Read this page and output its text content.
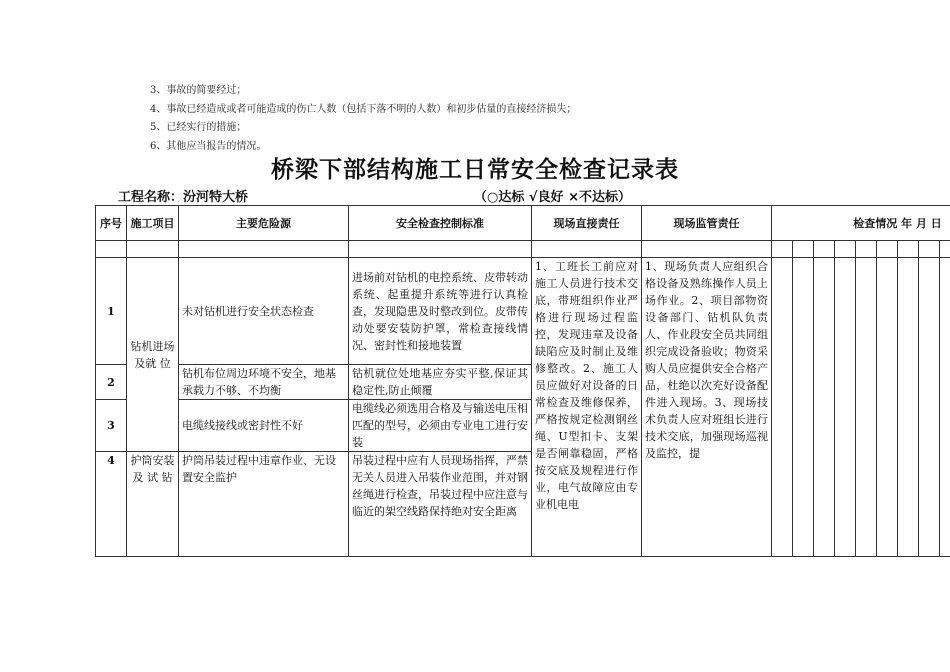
3、事故的简要经过；
4、事故已经造成或者可能造成的伤亡人数（包括下落不明的人数）和初步估量的直接经济损失；
5、已经实行的措施；
6、其他应当报告的情况。
桥梁下部结构施工日常安全检查记录表
工程名称：汾河特大桥	（○达标 √良好 ×不达标）
序号	施工项目	主要危险源	安全检查控制标准	现场直接责任	现场监管责任	检查情况 年 月 日											

1	钻机进场 及就 位	未对钻机进行安全状态检查	进场前对钻机的电控系统、皮带转动系统、起重提升系统等进行认真检查，发现隐患及时整改到位。皮带传动处要安装防护罩，常检查接线情况、密封性和接地装置	1、工班长工前应对施工人员进行技术交底，带班组织作业严格进行现场过程监控，发现违章及设备缺陷应及时制止及维修整改。2、施工人员应做好对设备的日常检查及维修保养，严格按规定检测钢丝绳、U型扣卡、支架是否闸靠稳固，严格按交底及规程进行作业，电气故障应由专业机电电	1、现场负责人应组织合格设备及熟练操作人员上场作业。2、项目部物资设备部门、钻机队负责人、作业段安全员共同组织完成设备验收；物资采购人员应提供安全合格产品，杜绝以次充好设备配件进入现场。3、现场技术负责人应对班组长进行技术交底，加强现场巡视及监控，提												
2		钻机布位周边环境不安全，地基承载力不够、不均衡	钻机就位处地基应夯实平整,保证其稳定性,防止倾覆														
3		电缆线接线或密封性不好	电缆线必须选用合格及与输送电压相匹配的型号，必须由专业电工进行安装														
4	护筒安装 及 试 钻	护筒吊装过程中违章作业、无设置安全监护	吊装过程中应有人员现场指挥，严禁无关人员进入吊装作业范围，并对钢丝绳进行检查，吊装过程中应注意与临近的架空线路保持绝对安全距离														
